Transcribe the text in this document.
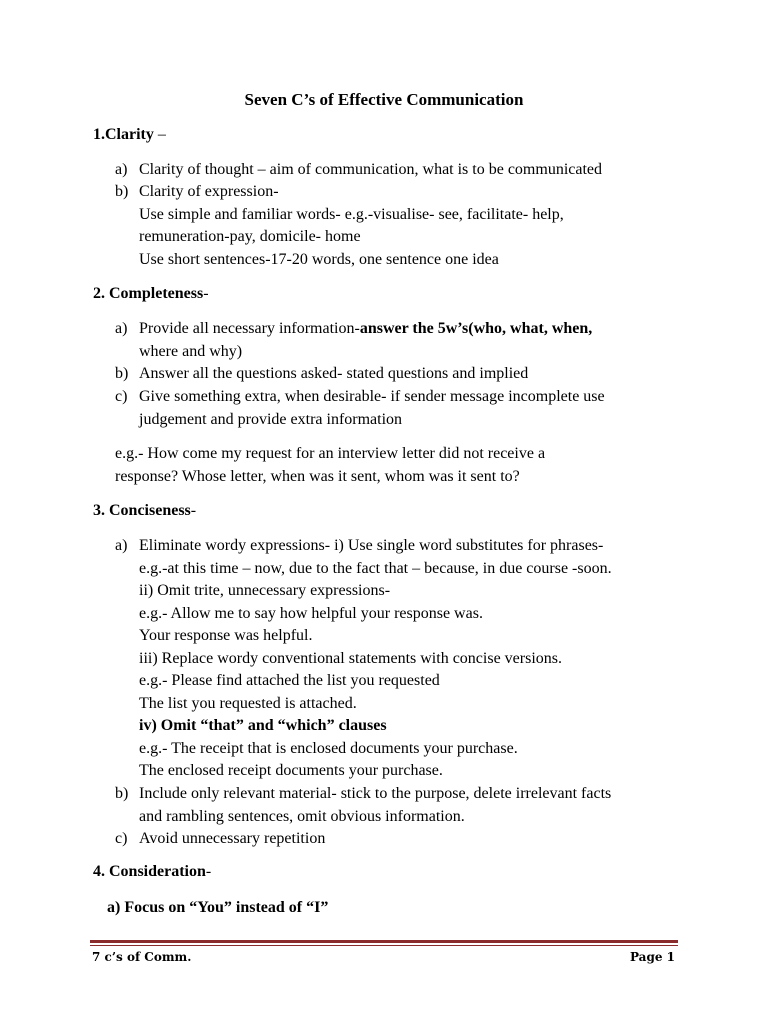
Seven C’s of Effective Communication
1.Clarity –
a) Clarity of thought – aim of communication, what is to be communicated
b) Clarity of expression-
Use simple and familiar words- e.g.-visualise- see, facilitate- help,
remuneration-pay, domicile- home
Use short sentences-17-20 words, one sentence one idea
2. Completeness-
a) Provide all necessary information-answer the 5w’s(who, what, when,
where and why)
b) Answer all the questions asked- stated questions and implied
c) Give something extra, when desirable- if sender message incomplete use
judgement and provide extra information
e.g.- How come my request for an interview letter did not receive a
response? Whose letter, when was it sent, whom was it sent to?
3. Conciseness-
a) Eliminate wordy expressions- i) Use single word substitutes for phrases-
e.g.-at this time – now, due to the fact that – because, in due course -soon.
ii) Omit trite, unnecessary expressions-
e.g.- Allow me to say how helpful your response was.
Your response was helpful.
iii) Replace wordy conventional statements with concise versions.
e.g.- Please find attached the list you requested
The list you requested is attached.
iv) Omit “that” and “which” clauses
e.g.- The receipt that is enclosed documents your purchase.
The enclosed receipt documents your purchase.
b) Include only relevant material- stick to the purpose, delete irrelevant facts
and rambling sentences, omit obvious information.
c) Avoid unnecessary repetition
4. Consideration-
a) Focus on “You” instead of “I”
7 c’s of Comm.	Page 1
